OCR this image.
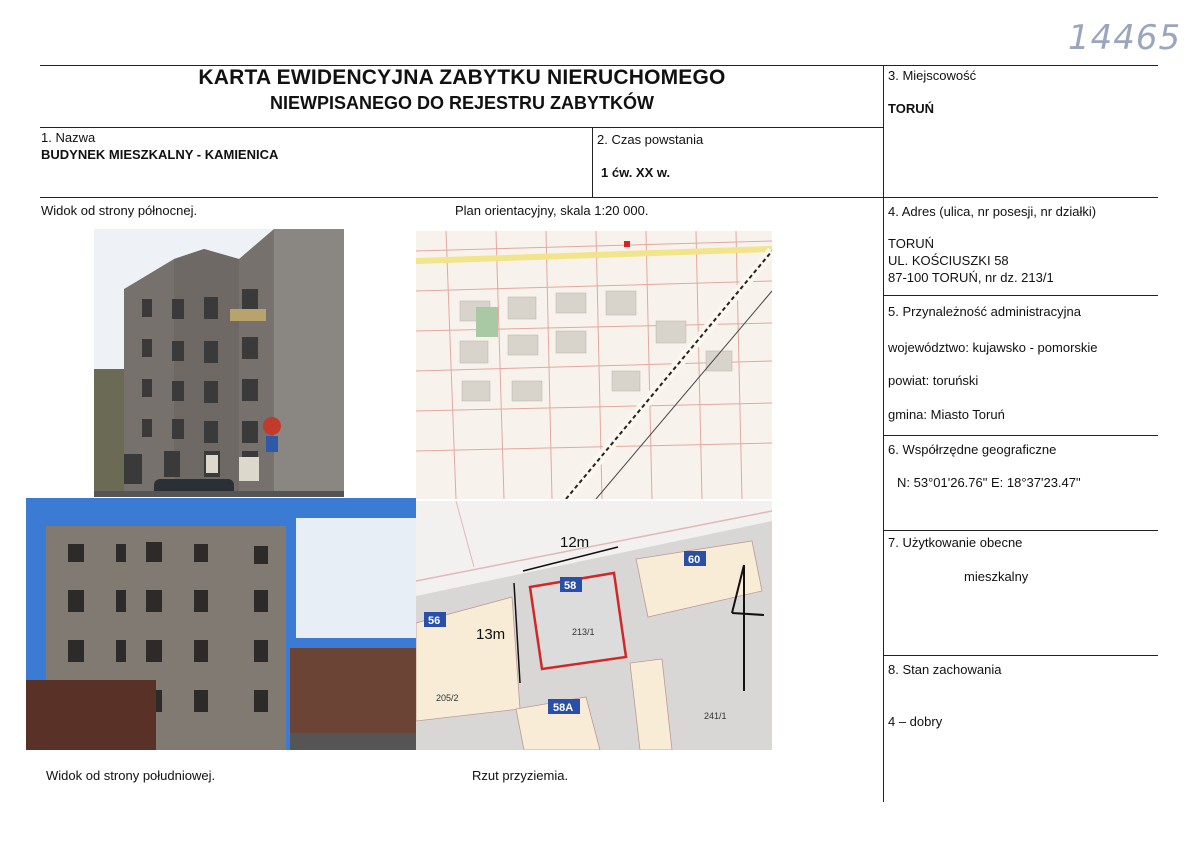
14465
KARTA EWIDENCYJNA ZABYTKU NIERUCHOMEGO
NIEWPISANEGO DO REJESTRU ZABYTKÓW
1. Nazwa
BUDYNEK MIESZKALNY - KAMIENICA
2. Czas powstania
1 ćw. XX w.
3. Miejscowość
TORUŃ
4. Adres (ulica, nr posesji, nr działki)
TORUŃ
UL. KOŚCIUSZKI 58
87-100 TORUŃ, nr dz. 213/1
5. Przynależność administracyjna
województwo: kujawsko - pomorskie
powiat: toruński
gmina: Miasto Toruń
6. Współrzędne geograficzne
N: 53°01'26.76" E: 18°37'23.47"
7. Użytkowanie obecne
mieszkalny
8. Stan zachowania
4 – dobry
Widok od strony północnej.	Plan orientacyjny, skala 1:20 000.
Widok od strony południowej.	Rzut przyziemia.
56
58
60
58A
12m
13m	213/1
205/2
241/1
